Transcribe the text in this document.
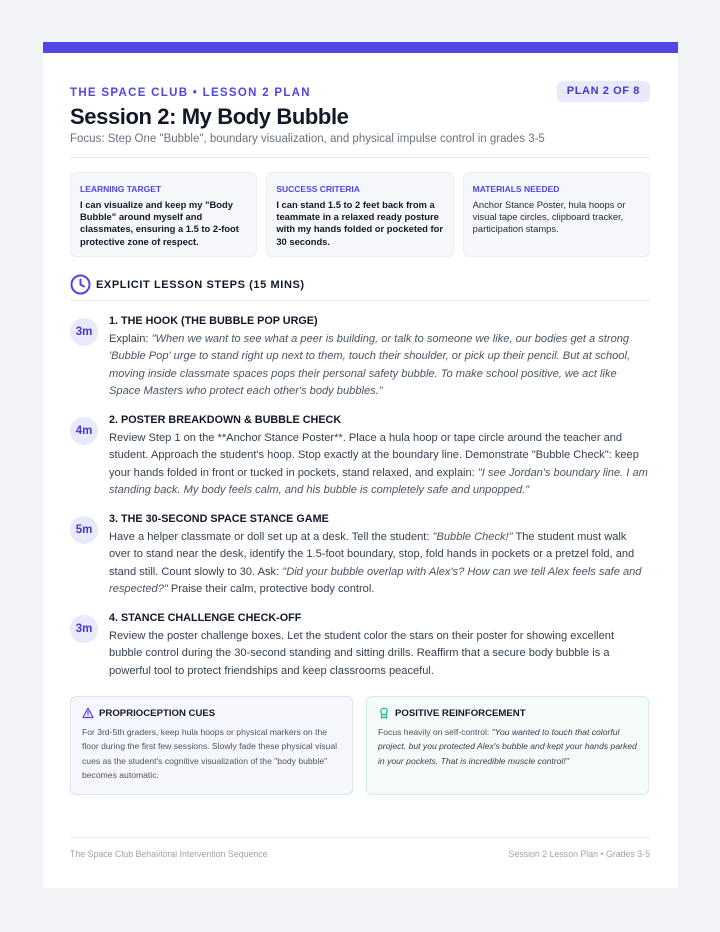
THE SPACE CLUB • LESSON 2 PLAN	PLAN 2 OF 8
Session 2: My Body Bubble
Focus: Step One "Bubble", boundary visualization, and physical impulse control in grades 3-5
LEARNING TARGET
I can visualize and keep my "Body Bubble" around myself and classmates, ensuring a 1.5 to 2-foot protective zone of respect.
SUCCESS CRITERIA
I can stand 1.5 to 2 feet back from a teammate in a relaxed ready posture with my hands folded or pocketed for 30 seconds.
MATERIALS NEEDED
Anchor Stance Poster, hula hoops or visual tape circles, clipboard tracker, participation stamps.
EXPLICIT LESSON STEPS (15 MINS)
3m
1. THE HOOK (THE BUBBLE POP URGE)
Explain: "When we want to see what a peer is building, or talk to someone we like, our bodies get a strong 'Bubble Pop' urge to stand right up next to them, touch their shoulder, or pick up their pencil. But at school, moving inside classmate spaces pops their personal safety bubble. To make school positive, we act like Space Masters who protect each other's body bubbles."
4m
2. POSTER BREAKDOWN & BUBBLE CHECK
Review Step 1 on the **Anchor Stance Poster**. Place a hula hoop or tape circle around the teacher and student. Approach the student's hoop. Stop exactly at the boundary line. Demonstrate "Bubble Check": keep your hands folded in front or tucked in pockets, stand relaxed, and explain: "I see Jordan's boundary line. I am standing back. My body feels calm, and his bubble is completely safe and unpopped."
5m
3. THE 30-SECOND SPACE STANCE GAME
Have a helper classmate or doll set up at a desk. Tell the student: "Bubble Check!" The student must walk over to stand near the desk, identify the 1.5-foot boundary, stop, fold hands in pockets or a pretzel fold, and stand still. Count slowly to 30. Ask: "Did your bubble overlap with Alex's? How can we tell Alex feels safe and respected?" Praise their calm, protective body control.
3m
4. STANCE CHALLENGE CHECK-OFF
Review the poster challenge boxes. Let the student color the stars on their poster for showing excellent bubble control during the 30-second standing and sitting drills. Reaffirm that a secure body bubble is a powerful tool to protect friendships and keep classrooms peaceful.
PROPRIOCEPTION CUES
For 3rd-5th graders, keep hula hoops or physical markers on the floor during the first few sessions. Slowly fade these physical visual cues as the student's cognitive visualization of the "body bubble" becomes automatic.
POSITIVE REINFORCEMENT
Focus heavily on self-control: "You wanted to touch that colorful project, but you protected Alex's bubble and kept your hands parked in your pockets. That is incredible muscle control!"
The Space Club Behavioral Intervention Sequence	Session 2 Lesson Plan • Grades 3-5
